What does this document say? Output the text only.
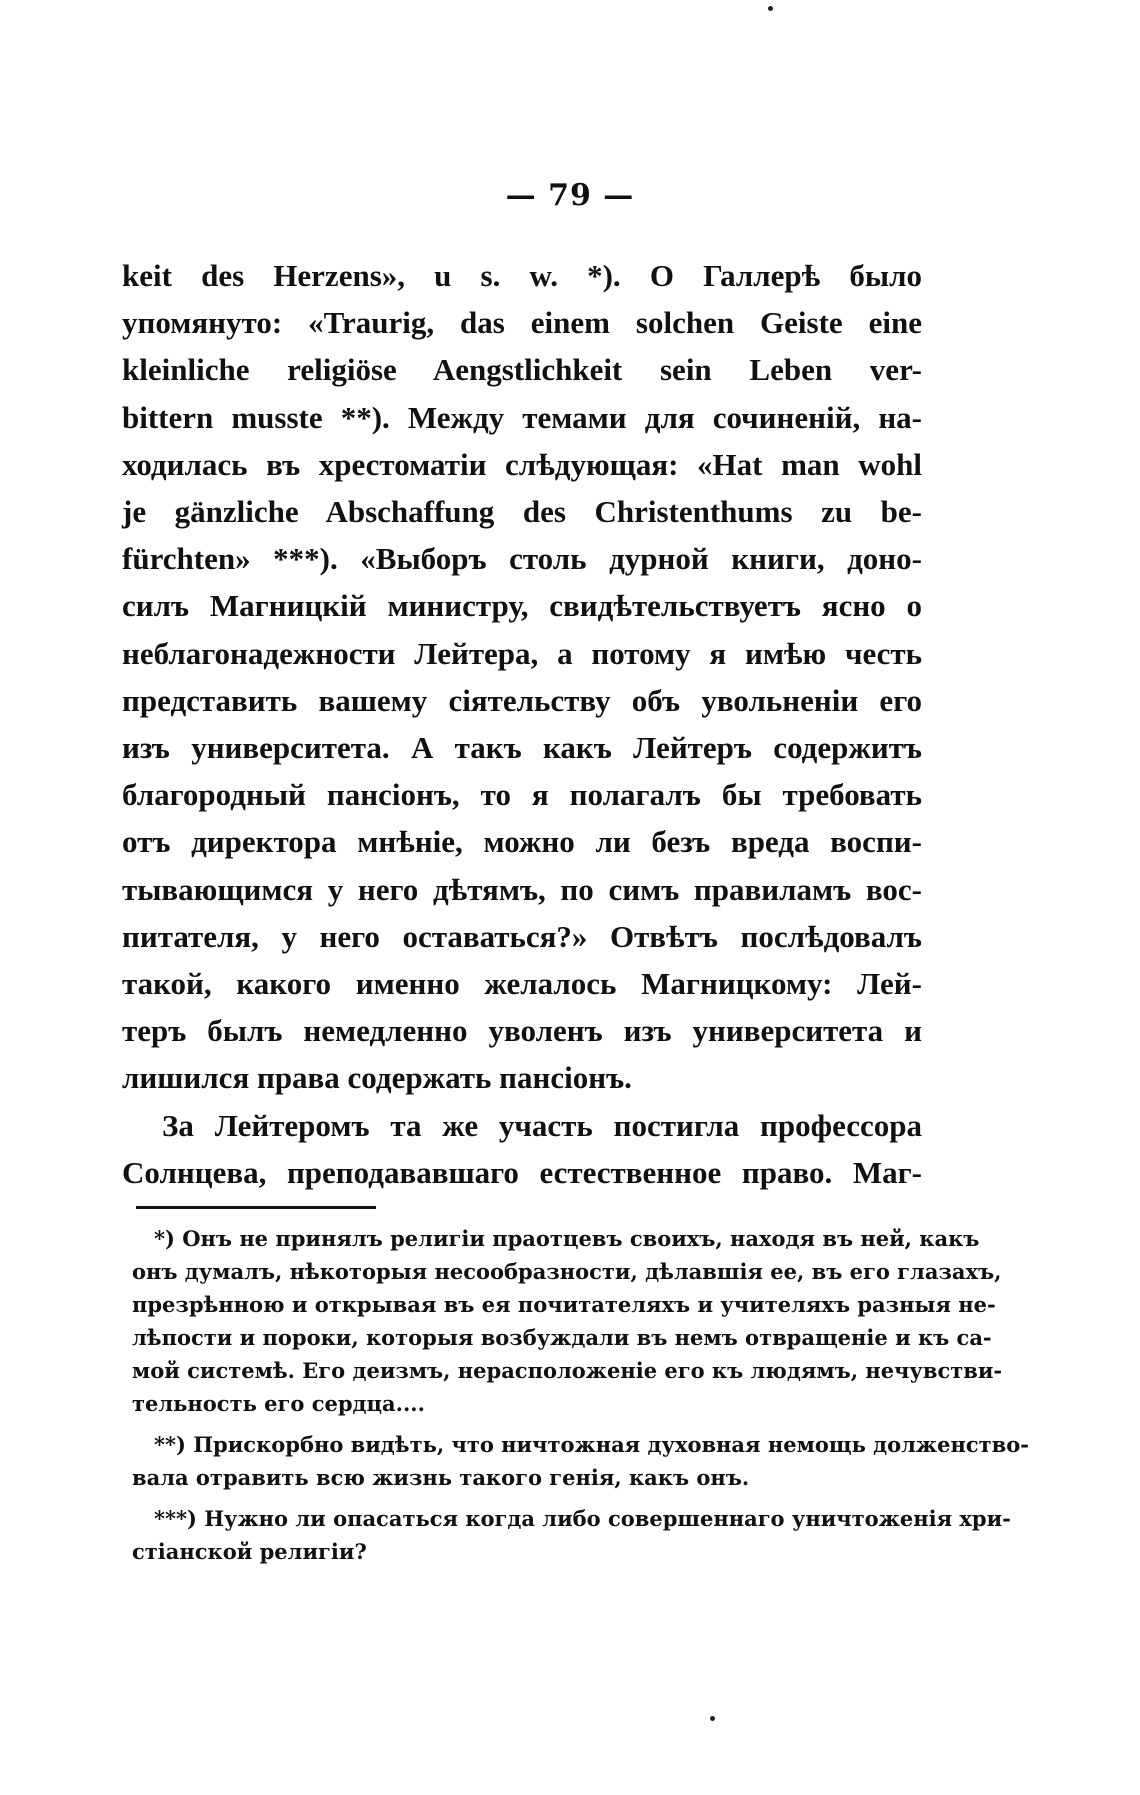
— 79 —
keit des Herzens», u s. w. *). О Галлерѣ было
упомянуто: «Traurig, das einem solchen Geiste eine
kleinliche religiöse Aengstlichkeit sein Leben ver-
bittern musste **). Между темами для сочиненій, на-
ходилась въ хрестоматіи слѣдующая: «Hat man wohl
je gänzliche Abschaffung des Christenthums zu be-
fürchten» ***). «Выборъ столь дурной книги, доно-
силъ Магницкій министру, свидѣтельствуетъ ясно о
неблагонадежности Лейтера, а потому я имѣю честь
представить вашему сіятельству объ увольненіи его
изъ университета. А такъ какъ Лейтеръ содержитъ
благородный пансіонъ, то я полагалъ бы требовать
отъ директора мнѣніе, можно ли безъ вреда воспи-
тывающимся у него дѣтямъ, по симъ правиламъ вос-
питателя, у него оставаться?» Отвѣтъ послѣдовалъ
такой, какого именно желалось Магницкому: Лей-
теръ былъ немедленно уволенъ изъ университета и
лишился права содержать пансіонъ.
За Лейтеромъ та же участь постигла профессора
Солнцева, преподававшаго естественное право. Маг-
*) Онъ не принялъ религіи праотцевъ своихъ, находя въ ней, какъ
онъ думалъ, нѣкоторыя несообразности, дѣлавшія ее, въ его глазахъ,
презрѣнною и открывая въ ея почитателяхъ и учителяхъ разныя не-
лѣпости и пороки, которыя возбуждали въ немъ отвращеніе и къ са-
мой системѣ. Его деизмъ, нерасположеніе его къ людямъ, нечувстви-
тельность его сердца....
**) Прискорбно видѣть, что ничтожная духовная немощь долженство-
вала отравить всю жизнь такого генія, какъ онъ.
***) Нужно ли опасаться когда либо совершеннаго уничтоженія хри-
стіанской религіи?
